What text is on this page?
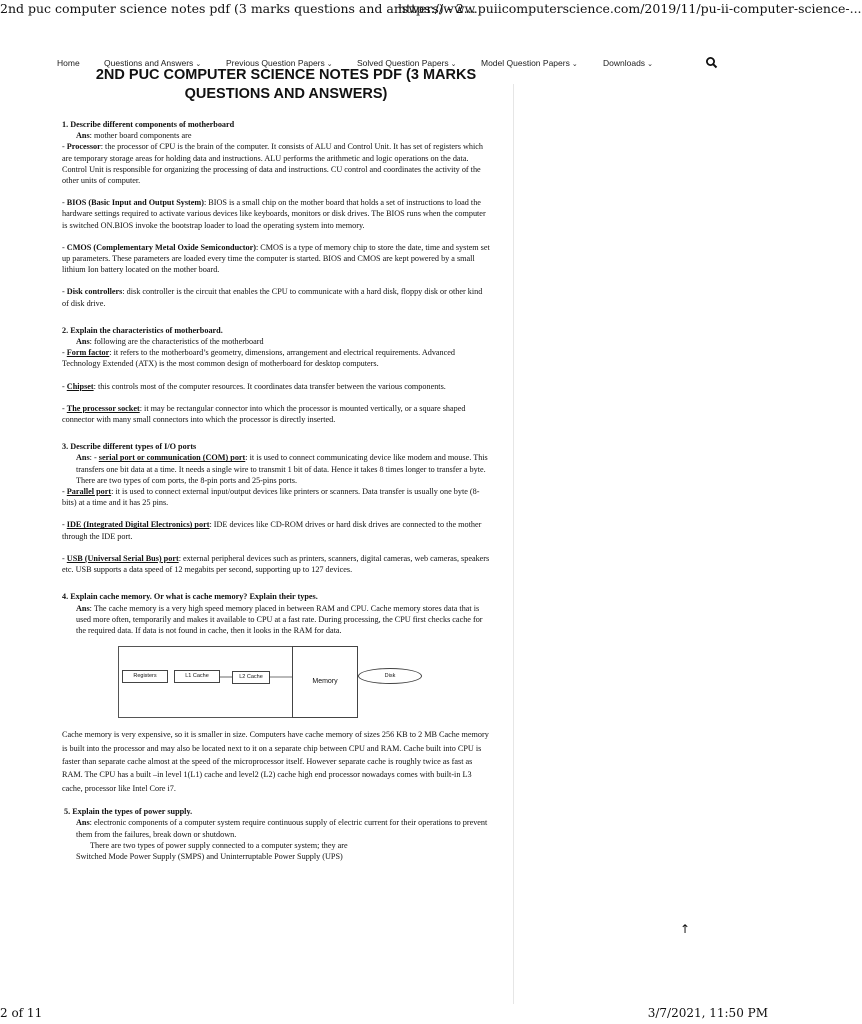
2nd puc computer science notes pdf (3 marks questions and answers) - 2...
https://www.puiicomputerscience.com/2019/11/pu-ii-computer-science-...
Home	Questions and Answers ⌄	Previous Question Papers ⌄	Solved Question Papers ⌄	Model Question Papers ⌄	Downloads ⌄
2ND PUC COMPUTER SCIENCE NOTES PDF (3 MARKS
QUESTIONS AND ANSWERS)

1. Describe different components of motherboard

Ans: mother board components are

- Processor: the processor of CPU is the brain of the computer. It consists of ALU and Control Unit. It has set of registers which are temporary storage areas for holding data and instructions. ALU performs the arithmetic and logic operations on the data. Control Unit is responsible for organizing the processing of data and instructions. CU control and coordinates the activity of the other units of computer.

- BIOS (Basic Input and Output System): BIOS is a small chip on the mother board that holds a set of instructions to load the hardware settings required to activate various devices like keyboards, monitors or disk drives. The BIOS runs when the computer is switched ON.BIOS invoke the bootstrap loader to load the operating system into memory.

- CMOS (Complementary Metal Oxide Semiconductor): CMOS is a type of memory chip to store the date, time and system set up parameters. These parameters are loaded every time the computer is started. BIOS and CMOS are kept powered by a small lithium Ion battery located on the mother board.

- Disk controllers: disk controller is the circuit that enables the CPU to communicate with a hard disk, floppy disk or other kind of disk drive.

2. Explain the characteristics of motherboard.

Ans: following are the characteristics of the motherboard

- Form factor: it refers to the motherboard’s geometry, dimensions, arrangement and electrical requirements. Advanced Technology Extended (ATX) is the most common design of motherboard for desktop computers.

- Chipset: this controls most of the computer resources. It coordinates data transfer between the various components.

- The processor socket: it may be rectangular connector into which the processor is mounted vertically, or a square shaped connector with many small connectors into which the processor is directly inserted.

3. Describe different types of I/O ports

Ans: - serial port or communication (COM) port: it is used to connect communicating device like modem and mouse. This transfers one bit data at a time. It needs a single wire to transmit 1 bit of data. Hence it takes 8 times longer to transfer a byte. There are two types of com ports, the 8-pin ports and 25-pins ports.

- Parallel port: it is used to connect external input/output devices like printers or scanners. Data transfer is usually one byte (8-bits) at a time and it has 25 pins.

- IDE (Integrated Digital Electronics) port: IDE devices like CD-ROM drives or hard disk drives are connected to the mother through the IDE port.

- USB (Universal Serial Bus) port: external peripheral devices such as printers, scanners, digital cameras, web cameras, speakers etc. USB supports a data speed of 12 megabits per second, supporting up to 127 devices.

4. Explain cache memory. Or what is cache memory? Explain their types.

Ans: The cache memory is a very high speed memory placed in between RAM and CPU. Cache memory stores data that is used more often, temporarily and makes it available to CPU at a fast rate. During processing, the CPU first checks cache for the required data. If data is not found in cache, then it looks in the RAM for data.

Registers	L1 Cache	L2 Cache
Memory
Disk

Cache memory is very expensive, so it is smaller in size. Computers have cache memory of sizes 256 KB to 2 MB Cache memory is built into the processor and may also be located next to it on a separate chip between CPU and RAM. Cache built into CPU is faster than separate cache almost at the speed of the microprocessor itself. However separate cache is roughly twice as fast as RAM. The CPU has a built –in level 1(L1) cache and level2 (L2) cache high end processor nowadays comes with built-in L3 cache, processor like Intel Core i7.

5. Explain the types of power supply.

Ans: electronic components of a computer system require continuous supply of electric current for their operations to prevent them from the failures, break down or shutdown.

There are two types of power supply connected to a computer system; they are

Switched Mode Power Supply (SMPS) and Uninterruptable Power Supply (UPS)

↑
2 of 11	3/7/2021, 11:50 PM
